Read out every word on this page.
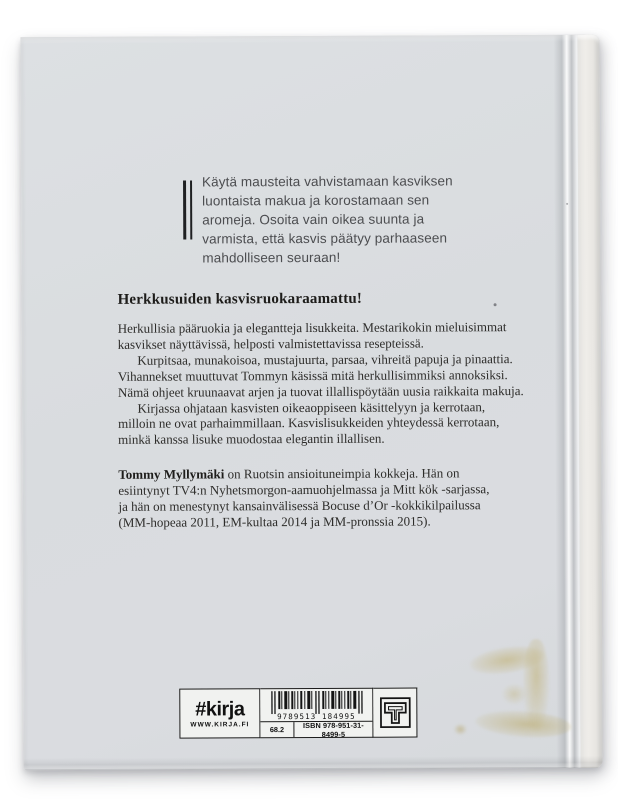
Käytä mausteita vahvistamaan kasviksen
luontaista makua ja korostamaan sen
aromeja. Osoita vain oikea suunta ja
varmista, että kasvis päätyy parhaaseen
mahdolliseen seuraan!

Herkkusuiden kasvisruokaraamattu!

Herkullisia pääruokia ja elegantteja lisukkeita. Mestarikokin mieluisimmat
kasvikset näyttävissä, helposti valmistettavissa resepteissä.
  Kurpitsaa, munakoisoa, mustajuurta, parsaa, vihreitä papuja ja pinaattia.
Vihannekset muuttuvat Tommyn käsissä mitä herkullisimmiksi annoksiksi.
Nämä ohjeet kruunaavat arjen ja tuovat illallispöytään uusia raikkaita makuja.
  Kirjassa ohjataan kasvisten oikeaoppiseen käsittelyyn ja kerrotaan,
milloin ne ovat parhaimmillaan. Kasvislisukkeiden yhteydessä kerrotaan,
minkä kanssa lisuke muodostaa elegantin illallisen.

Tommy Myllymäki on Ruotsin ansioituneimpia kokkeja. Hän on
esiintynyt TV4:n Nyhetsmorgon-aamuohjelmassa ja Mitt kök -sarjassa,
ja hän on menestynyt kansainvälisessä Bocuse d’Or -kokkikilpailussa
(MM-hopeaa 2011, EM-kultaa 2014 ja MM-pronssia 2015).

#kirja
WWW.KIRJA.FI
9789513 184995
68.2
ISBN 978-951-31-8499-5
